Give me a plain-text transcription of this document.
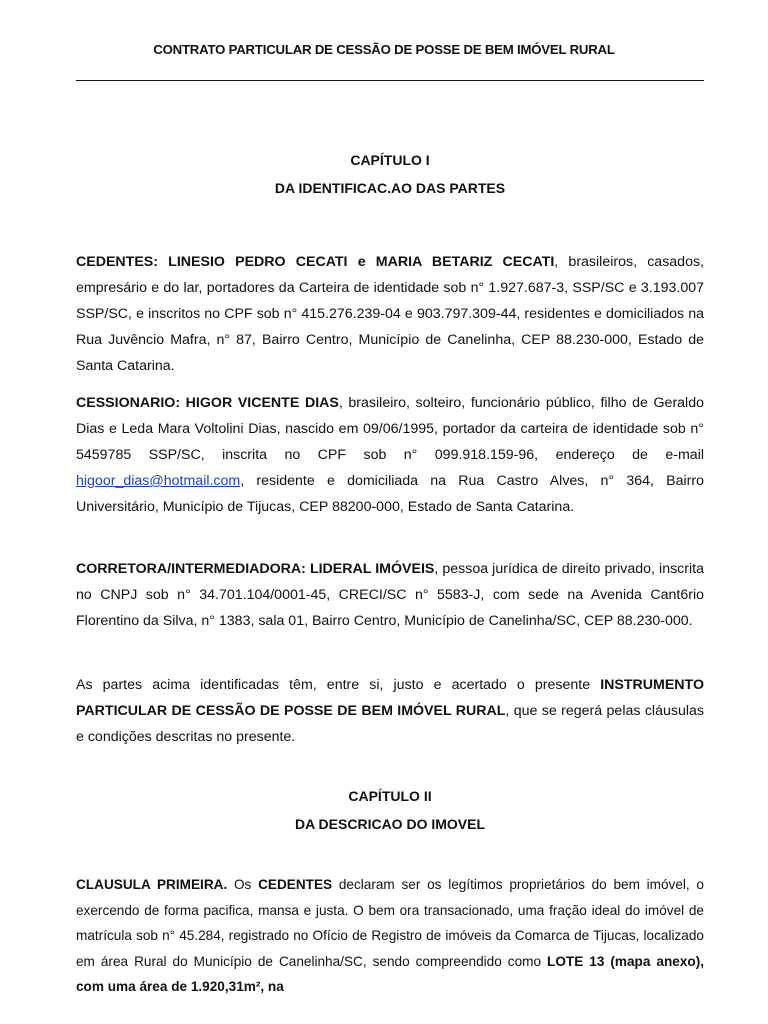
CONTRATO PARTICULAR DE CESSÃO DE POSSE DE BEM IMÓVEL RURAL
CAPÍTULO I
DA IDENTIFICAC.AO DAS PARTES

CEDENTES: LINESIO PEDRO CECATI e MARIA BETARIZ CECATI, brasileiros, casados, empresário e do lar, portadores da Carteira de identidade sob n° 1.927.687-3, SSP/SC e 3.193.007 SSP/SC, e inscritos no CPF sob n° 415.276.239-04 e 903.797.309-44, residentes e domiciliados na Rua Juvêncio Mafra, n° 87, Bairro Centro, Município de Canelinha, CEP 88.230-000, Estado de Santa Catarina.

CESSIONARIO: HIGOR VICENTE DIAS, brasileiro, solteiro, funcionário público, filho de Geraldo Dias e Leda Mara Voltolini Dias, nascido em 09/06/1995, portador da carteira de identidade sob n° 5459785 SSP/SC, inscrita no CPF sob n° 099.918.159-96, endereço de e-mail higoor_dias@hotmail.com, residente e domiciliada na Rua Castro Alves, n° 364, Bairro Universitário, Município de Tijucas, CEP 88200-000, Estado de Santa Catarina.

CORRETORA/INTERMEDIADORA: LIDERAL IMÓVEIS, pessoa jurídica de direito privado, inscrita no CNPJ sob n° 34.701.104/0001-45, CRECI/SC n° 5583-J, com sede na Avenida Cant6rio Florentino da Silva, n° 1383, sala 01, Bairro Centro, Município de Canelinha/SC, CEP 88.230-000.

As partes acima identificadas têm, entre si, justo e acertado o presente INSTRUMENTO PARTICULAR DE CESSÃO DE POSSE DE BEM IMÓVEL RURAL, que se regerá pelas cláusulas e condições descritas no presente.

CAPÍTULO II
DA DESCRICAO DO IMOVEL

CLAUSULA PRIMEIRA. Os CEDENTES declaram ser os legítimos proprietários do bem imóvel, o exercendo de forma pacifica, mansa e justa. O bem ora transacionado, uma fração ideal do imóvel de matrícula sob n° 45.284, registrado no Ofício de Registro de imóveis da Comarca de Tijucas, localizado em área Rural do Município de Canelinha/SC, sendo compreendido como LOTE 13 (mapa anexo), com uma área de 1.920,31m², na
